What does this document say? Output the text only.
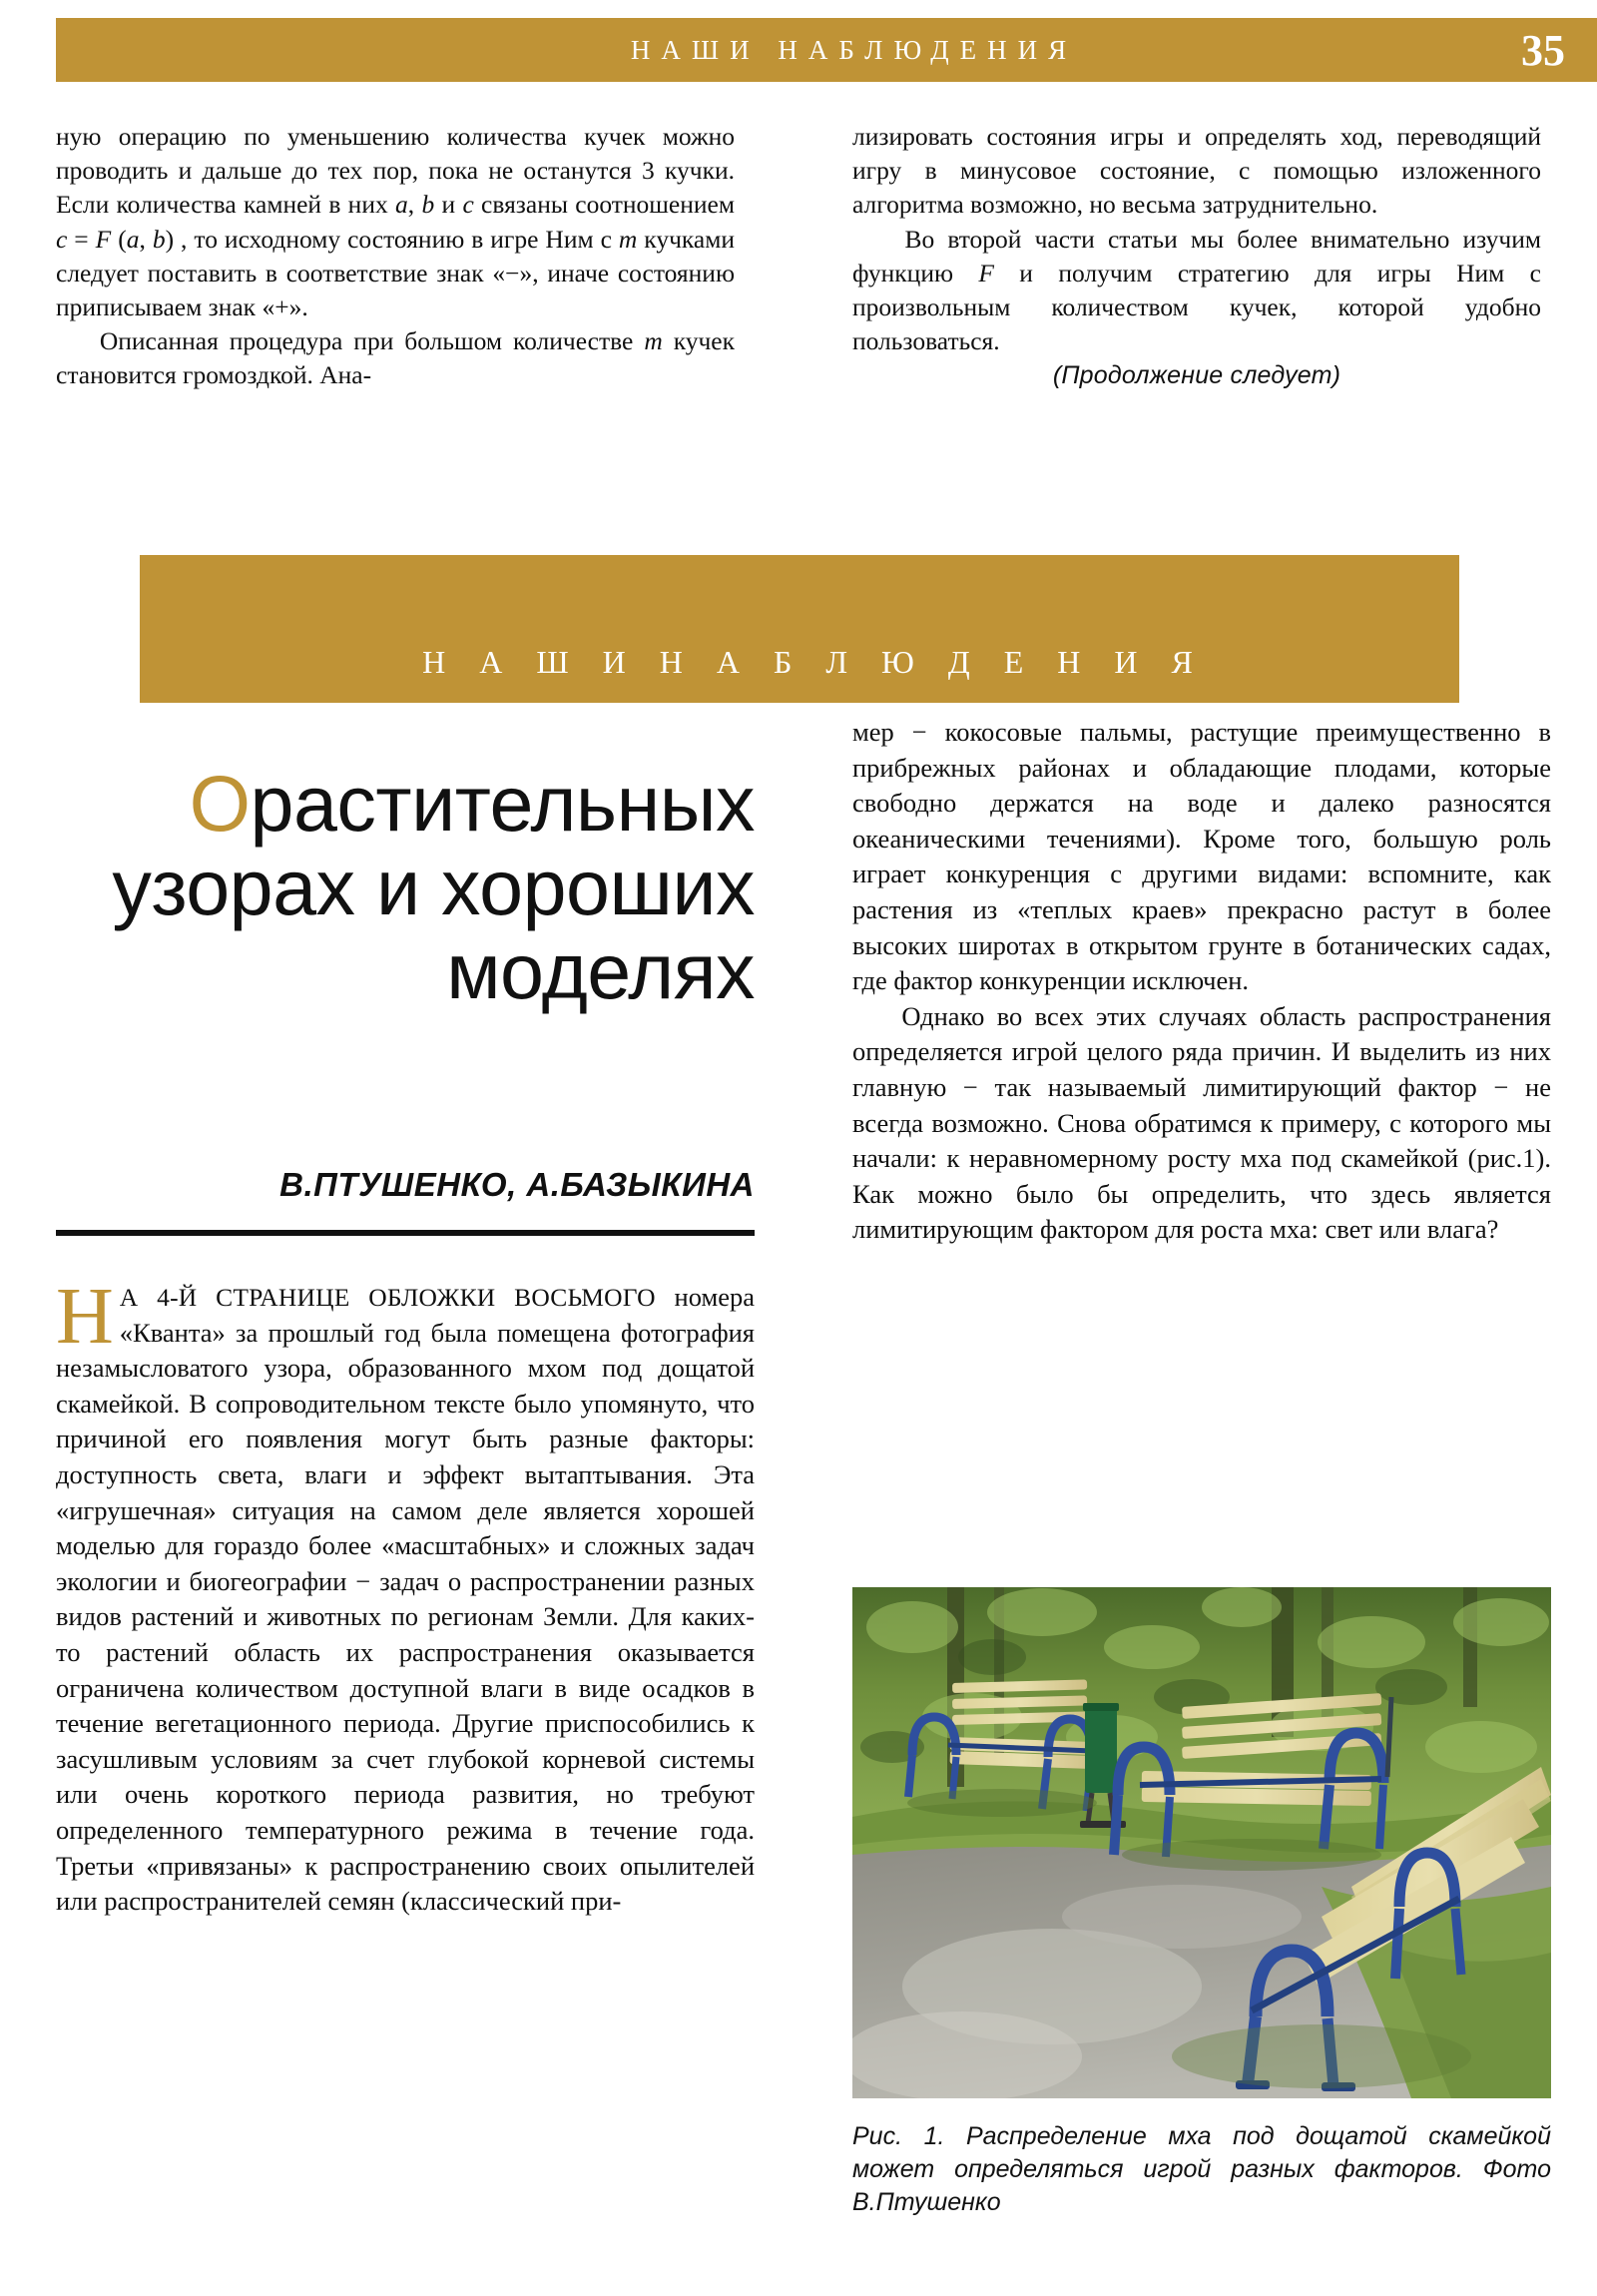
НАШИ НАБЛЮДЕНИЯ	35

ную операцию по уменьшению количества кучек можно проводить и дальше до тех пор, пока не останутся 3 кучки. Если количества камней в них a, b и c связаны соотношением c = F (a, b) , то исходному состоянию в игре Ним с m кучками следует поставить в соответствие знак «−», иначе состоянию приписываем знак «+».
Описанная процедура при большом количестве m кучек становится громоздкой. Ана-

лизировать состояния игры и определять ход, переводящий игру в минусовое состояние, с помощью изложенного алгоритма возможно, но весьма затруднительно.
Во второй части статьи мы более внимательно изучим функцию F и получим стратегию для игры Ним с произвольным количеством кучек, которой удобно пользоваться.

(Продолжение следует)

Н А Ш И Н А Б Л Ю Д Е Н И Я
Орастительных узорах и хороших моделях
В.ПТУШЕНКО, А.БАЗЫКИНА

Н А 4-Й СТРАНИЦЕ ОБЛОЖКИ ВОСЬМОГО номера «Кванта» за прошлый год была помещена фотография незамысловатого узора, образованного мхом под дощатой скамейкой. В сопроводительном тексте было упомянуто, что причиной его появления могут быть разные факторы: доступность света, влаги и эффект вытаптывания. Эта «игрушечная» ситуация на самом деле является хорошей моделью для гораздо более «масштабных» и сложных задач экологии и биогеографии − задач о распространении разных видов растений и животных по регионам Земли. Для каких-то растений область их распространения оказывается ограничена количеством доступной влаги в виде осадков в течение вегетационного периода. Другие приспособились к засушливым условиям за счет глубокой корневой системы или очень короткого периода развития, но требуют определенного температурного режима в течение года. Третьи «привязаны» к распространению своих опылителей или распространителей семян (классический при-

мер − кокосовые пальмы, растущие преимущественно в прибрежных районах и обладающие плодами, которые свободно держатся на воде и далеко разносятся океаническими течениями). Кроме того, большую роль играет конкуренция с другими видами: вспомните, как растения из «теплых краев» прекрасно растут в более высоких широтах в открытом грунте в ботанических садах, где фактор конкуренции исключен.
Однако во всех этих случаях область распространения определяется игрой целого ряда причин. И выделить из них главную − так называемый лимитирующий фактор − не всегда возможно. Снова обратимся к примеру, с которого мы начали: к неравномерному росту мха под скамейкой (рис.1). Как можно было бы определить, что здесь является лимитирующим фактором для роста мха: свет или влага?

Рис. 1. Распределение мха под дощатой скамейкой может определяться игрой разных факторов. Фото В.Птушенко
